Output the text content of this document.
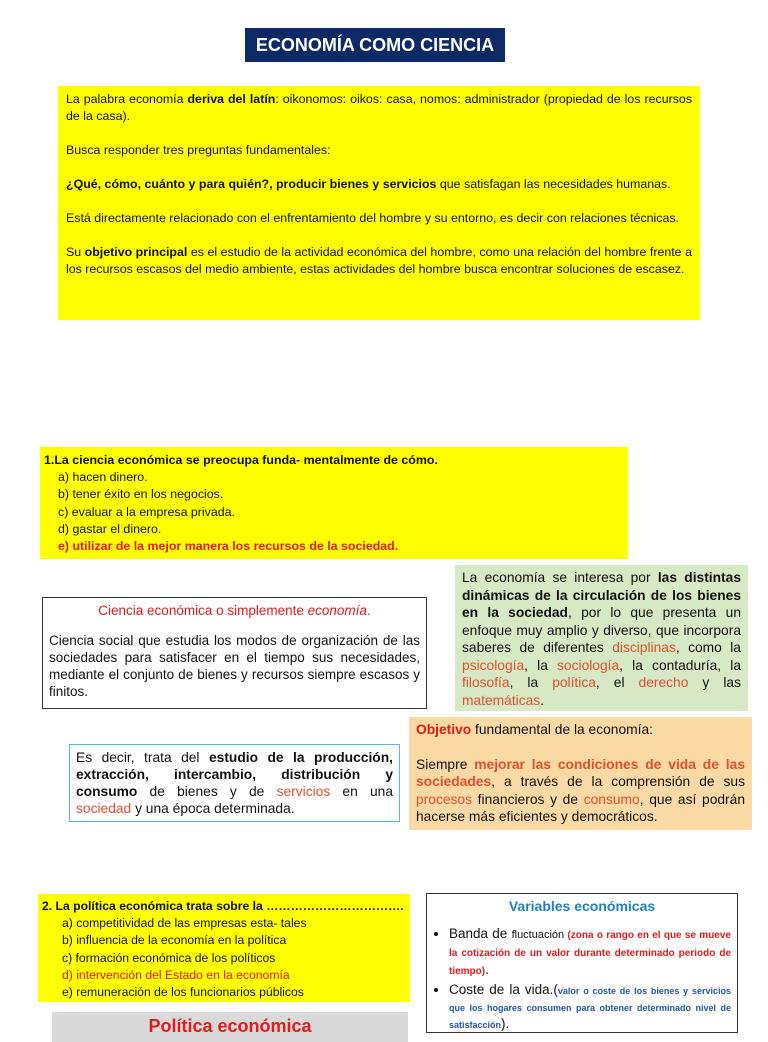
ECONOMÍA COMO CIENCIA

La palabra economía deriva del latín: oikonomos: oikos: casa, nomos: administrador (propiedad de los recursos de la casa).

Busca responder tres preguntas fundamentales:

¿Qué, cómo, cuánto y para quién?, producir bienes y servicios que satisfagan las necesidades humanas.

Está directamente relacionado con el enfrentamiento del hombre y su entorno, es decir con relaciones técnicas.

Su objetivo principal es el estudio de la actividad económica del hombre, como una relación del hombre frente a los recursos escasos del medio ambiente, estas actividades del hombre busca encontrar soluciones de escasez.

1.La ciencia económica se preocupa funda- mentalmente de cómo.
a) hacen dinero.
b) tener éxito en los negocios.
c) evaluar a la empresa privada.
d) gastar el dinero.
e) utilizar de la mejor manera los recursos de la sociedad.
La economía se interesa por las distintas dinámicas de la circulación de los bienes en la sociedad, por lo que presenta un enfoque muy amplio y diverso, que incorpora saberes de diferentes disciplinas, como la psicología, la sociología, la contaduría, la filosofía, la política, el derecho y las matemáticas.
Ciencia económica o simplemente economía.
Ciencia social que estudia los modos de organización de las sociedades para satisfacer en el tiempo sus necesidades, mediante el conjunto de bienes y recursos siempre escasos y finitos.
Objetivo fundamental de la economía:
Siempre mejorar las condiciones de vida de las sociedades, a través de la comprensión de sus procesos financieros y de consumo, que así podrán hacerse más eficientes y democráticos.
Es decir, trata del estudio de la producción, extracción, intercambio, distribución y consumo de bienes y de servicios en una sociedad y una época determinada.
2. La política económica trata sobre la …………………………….
a) competitividad de las empresas esta- tales
b) influencia de la economía en la política
c) formación económica de los políticos
d) intervención del Estado en la economía
e) remuneración de los funcionarios públicos
Variables económicas
• Banda de fluctuación (zona o rango en el que se mueve la cotización de un valor durante determinado periodo de tiempo).
• Coste de la vida.(valor o coste de los bienes y servicios que los hogares consumen para obtener determinado nivel de satisfacción).
Política económica
